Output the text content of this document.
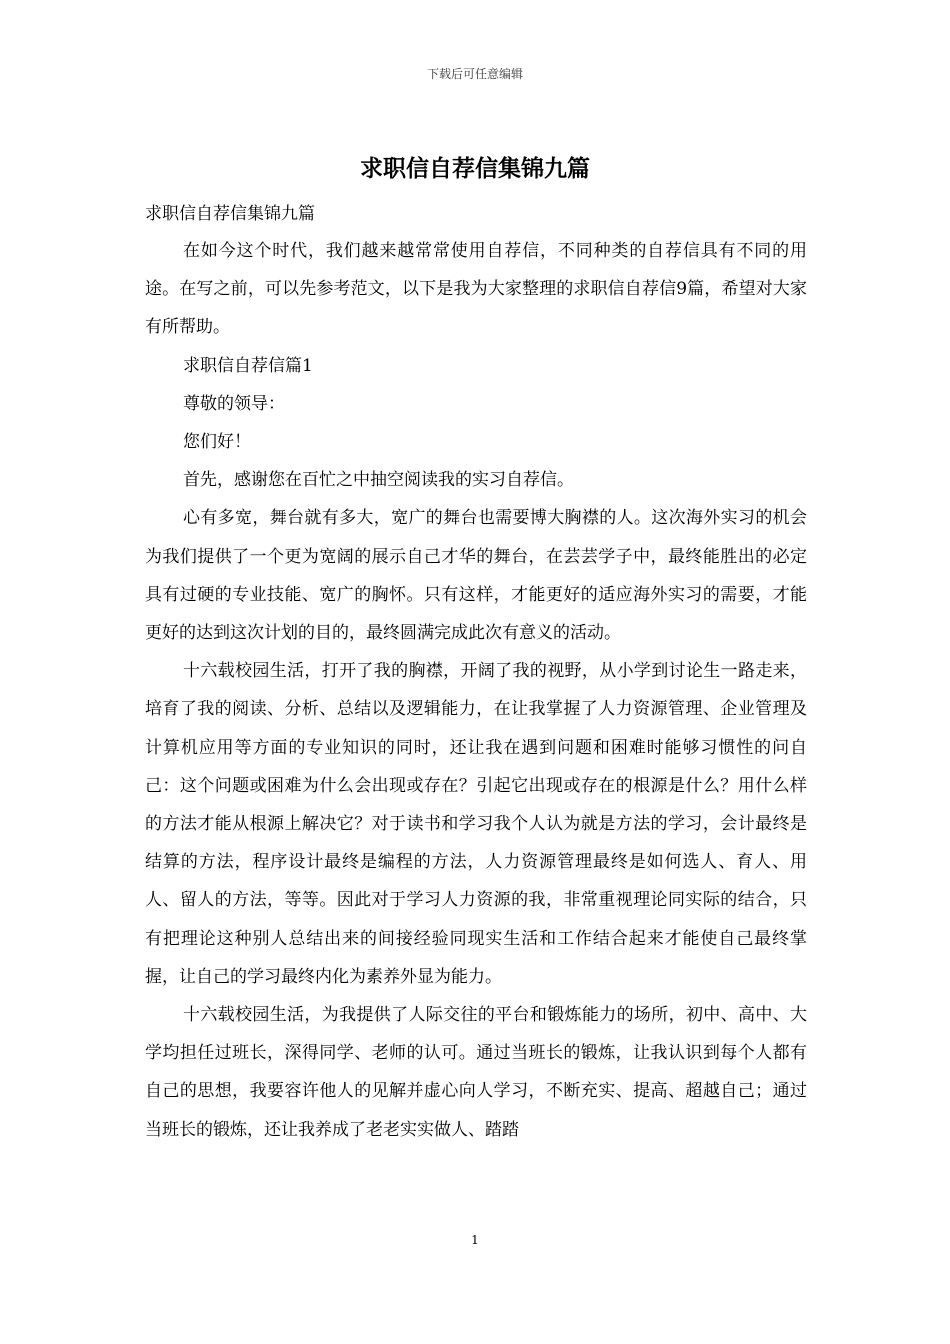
下载后可任意编辑
求职信自荐信集锦九篇

求职信自荐信集锦九篇

在如今这个时代，我们越来越常常使用自荐信，不同种类的自荐信具有不同的用途。在写之前，可以先参考范文，以下是我为大家整理的求职信自荐信9篇，希望对大家有所帮助。

求职信自荐信篇1

尊敬的领导：

您们好！

首先，感谢您在百忙之中抽空阅读我的实习自荐信。

心有多宽，舞台就有多大，宽广的舞台也需要博大胸襟的人。这次海外实习的机会为我们提供了一个更为宽阔的展示自己才华的舞台，在芸芸学子中，最终能胜出的必定具有过硬的专业技能、宽广的胸怀。只有这样，才能更好的适应海外实习的需要，才能更好的达到这次计划的目的，最终圆满完成此次有意义的活动。

十六载校园生活，打开了我的胸襟，开阔了我的视野，从小学到讨论生一路走来，培育了我的阅读、分析、总结以及逻辑能力，在让我掌握了人力资源管理、企业管理及计算机应用等方面的专业知识的同时，还让我在遇到问题和困难时能够习惯性的问自己：这个问题或困难为什么会出现或存在？引起它出现或存在的根源是什么？用什么样的方法才能从根源上解决它？对于读书和学习我个人认为就是方法的学习，会计最终是结算的方法，程序设计最终是编程的方法，人力资源管理最终是如何选人、育人、用人、留人的方法，等等。因此对于学习人力资源的我，非常重视理论同实际的结合，只有把理论这种别人总结出来的间接经验同现实生活和工作结合起来才能使自己最终掌握，让自己的学习最终内化为素养外显为能力。

十六载校园生活，为我提供了人际交往的平台和锻炼能力的场所，初中、高中、大学均担任过班长，深得同学、老师的认可。通过当班长的锻炼，让我认识到每个人都有自己的思想，我要容许他人的见解并虚心向人学习，不断充实、提高、超越自己；通过当班长的锻炼，还让我养成了老老实实做人、踏踏

1
